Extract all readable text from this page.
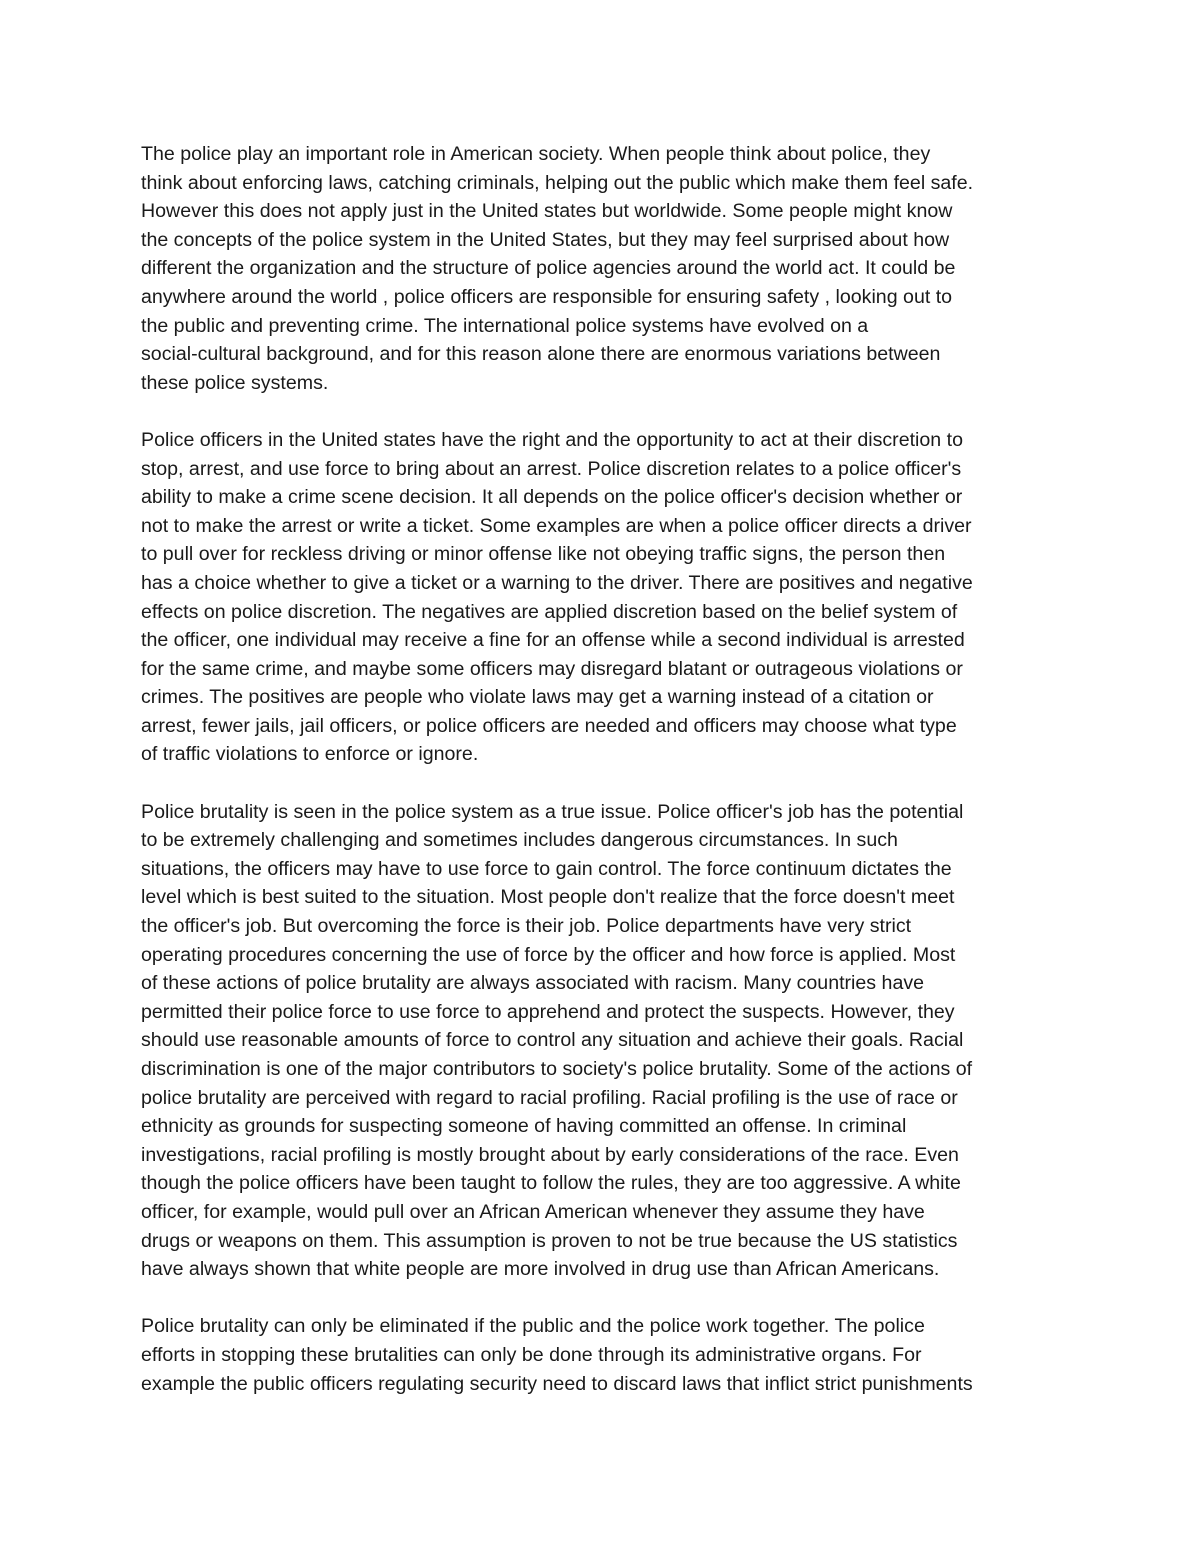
The police play an important role in American society. When people think about police, they
think about enforcing laws, catching criminals, helping out the public which make them feel safe.
However this does not apply just in the United states but worldwide. Some people might know
the concepts of the police system in the United States, but they may feel surprised about how
different the organization and the structure of police agencies around the world act. It could be
anywhere around the world , police officers are responsible for ensuring safety , looking out to
the public and preventing crime. The international police systems have evolved on a
social-cultural background, and for this reason alone there are enormous variations between
these police systems.

Police officers in the United states have the right and the opportunity to act at their discretion to
stop, arrest, and use force to bring about an arrest. Police discretion relates to a police officer's
ability to make a crime scene decision. It all depends on the police officer's decision whether or
not to make the arrest or write a ticket. Some examples are when a police officer directs a driver
to pull over for reckless driving or minor offense like not obeying traffic signs, the person then
has a choice whether to give a ticket or a warning to the driver. There are positives and negative
effects on police discretion. The negatives are applied discretion based on the belief system of
the officer, one individual may receive a fine for an offense while a second individual is arrested
for the same crime, and maybe some officers may disregard blatant or outrageous violations or
crimes. The positives are people who violate laws may get a warning instead of a citation or
arrest, fewer jails, jail officers, or police officers are needed and officers may choose what type
of traffic violations to enforce or ignore.

Police brutality is seen in the police system as a true issue. Police officer's job has the potential
to be extremely challenging and sometimes includes dangerous circumstances. In such
situations, the officers may have to use force to gain control. The force continuum dictates the
level which is best suited to the situation. Most people don't realize that the force doesn't meet
the officer's job. But overcoming the force is their job. Police departments have very strict
operating procedures concerning the use of force by the officer and how force is applied. Most
of these actions of police brutality are always associated with racism. Many countries have
permitted their police force to use force to apprehend and protect the suspects. However, they
should use reasonable amounts of force to control any situation and achieve their goals. Racial
discrimination is one of the major contributors to society's police brutality. Some of the actions of
police brutality are perceived with regard to racial profiling. Racial profiling is the use of race or
ethnicity as grounds for suspecting someone of having committed an offense. In criminal
investigations, racial profiling is mostly brought about by early considerations of the race. Even
though the police officers have been taught to follow the rules, they are too aggressive. A white
officer, for example, would pull over an African American whenever they assume they have
drugs or weapons on them. This assumption is proven to not be true because the US statistics
have always shown that white people are more involved in drug use than African Americans.

Police brutality can only be eliminated if the public and the police work together. The police
efforts in stopping these brutalities can only be done through its administrative organs. For
example the public officers regulating security need to discard laws that inflict strict punishments
